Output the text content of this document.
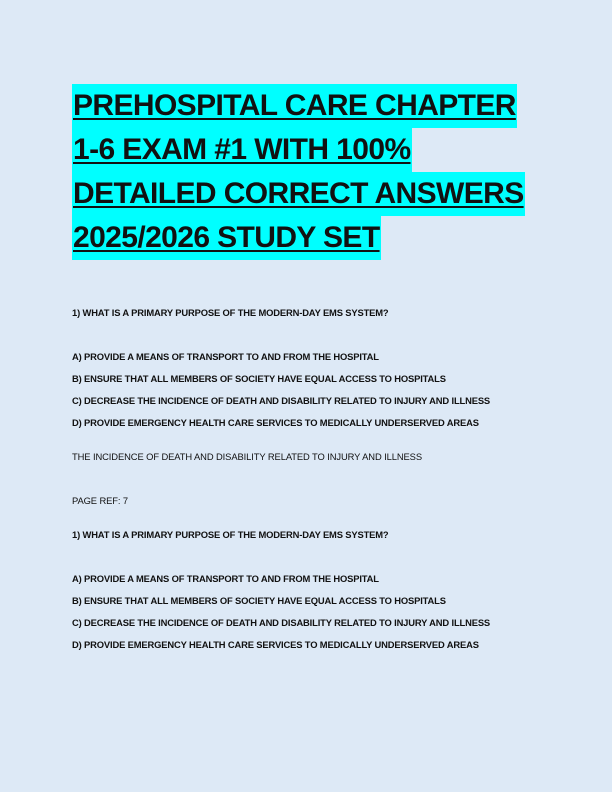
PREHOSPITAL CARE CHAPTER
1-6 EXAM #1 WITH 100%
DETAILED CORRECT ANSWERS
2025/2026 STUDY SET

1) WHAT IS A PRIMARY PURPOSE OF THE MODERN-DAY EMS SYSTEM?

A) PROVIDE A MEANS OF TRANSPORT TO AND FROM THE HOSPITAL
B) ENSURE THAT ALL MEMBERS OF SOCIETY HAVE EQUAL ACCESS TO HOSPITALS
C) DECREASE THE INCIDENCE OF DEATH AND DISABILITY RELATED TO INJURY AND ILLNESS
D) PROVIDE EMERGENCY HEALTH CARE SERVICES TO MEDICALLY UNDERSERVED AREAS

THE INCIDENCE OF DEATH AND DISABILITY RELATED TO INJURY AND ILLNESS

PAGE REF: 7

1) WHAT IS A PRIMARY PURPOSE OF THE MODERN-DAY EMS SYSTEM?

A) PROVIDE A MEANS OF TRANSPORT TO AND FROM THE HOSPITAL
B) ENSURE THAT ALL MEMBERS OF SOCIETY HAVE EQUAL ACCESS TO HOSPITALS
C) DECREASE THE INCIDENCE OF DEATH AND DISABILITY RELATED TO INJURY AND ILLNESS
D) PROVIDE EMERGENCY HEALTH CARE SERVICES TO MEDICALLY UNDERSERVED AREAS
